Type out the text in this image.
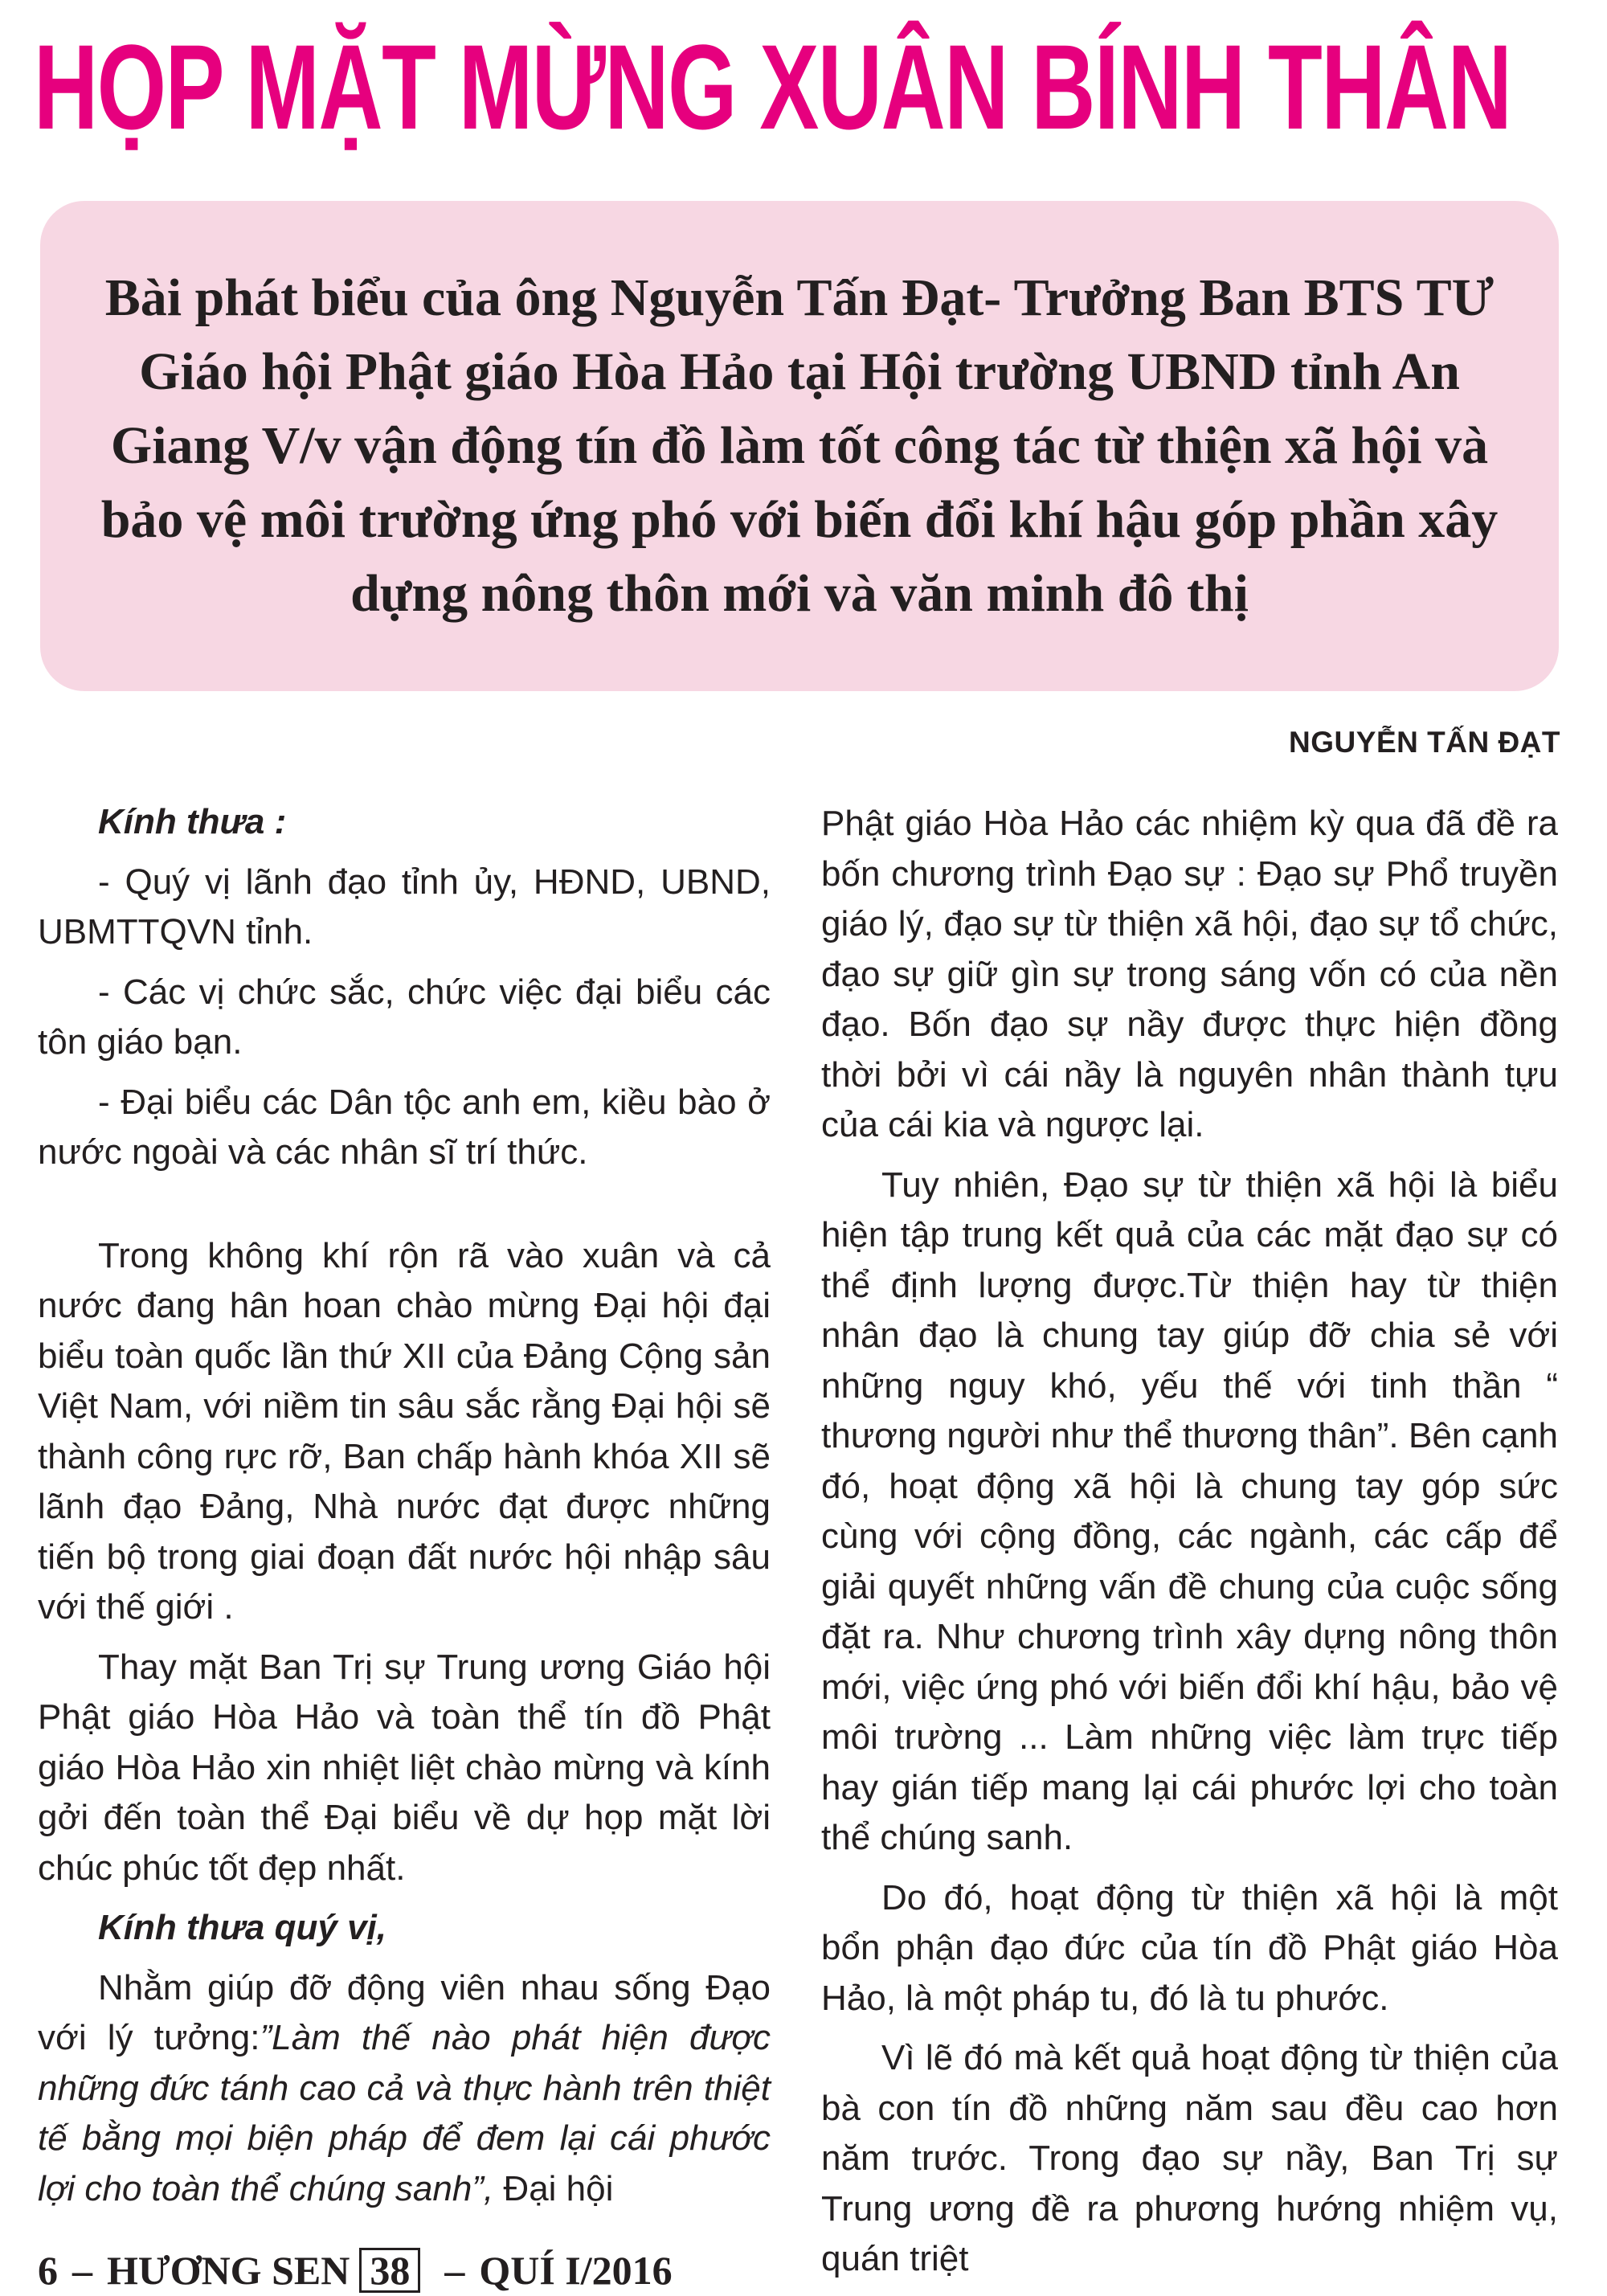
HỌP MẶT MỪNG XUÂN BÍNH THÂN

Bài phát biểu của ông Nguyễn Tấn Đạt- Trưởng Ban BTS TƯ Giáo hội Phật giáo Hòa Hảo tại Hội trường UBND tỉnh An Giang V/v vận động tín đồ làm tốt công tác từ thiện xã hội và bảo vệ môi trường ứng phó với biến đổi khí hậu góp phần xây dựng nông thôn mới và văn minh đô thị

NGUYỄN TẤN ĐẠT

Kính thưa :

- Quý vị lãnh đạo tỉnh ủy, HĐND, UBND, UBMTTQVN tỉnh.

- Các vị chức sắc, chức việc đại biểu các tôn giáo bạn.

- Đại biểu các Dân tộc anh em, kiều bào ở nước ngoài và các nhân sĩ trí thức.

Trong không khí rộn rã vào xuân và cả nước đang hân hoan chào mừng Đại hội đại biểu toàn quốc lần thứ XII của Đảng Cộng sản Việt Nam, với niềm tin sâu sắc rằng Đại hội sẽ thành công rực rỡ, Ban chấp hành khóa XII sẽ lãnh đạo Đảng, Nhà nước đạt được những tiến bộ trong giai đoạn đất nước hội nhập sâu với thế giới .

Thay mặt Ban Trị sự Trung ương Giáo hội Phật giáo Hòa Hảo và toàn thể tín đồ Phật giáo Hòa Hảo xin nhiệt liệt chào mừng và kính gởi đến toàn thể Đại biểu về dự họp mặt lời chúc phúc tốt đẹp nhất.

Kính thưa quý vị,

Nhằm giúp đỡ động viên nhau sống Đạo với lý tưởng:”Làm thế nào phát hiện được những đức tánh cao cả và thực hành trên thiệt tế bằng mọi biện pháp để đem lại cái phước lợi cho toàn thể chúng sanh”, Đại hội

Phật giáo Hòa Hảo các nhiệm kỳ qua đã đề ra bốn chương trình Đạo sự : Đạo sự Phổ truyền giáo lý, đạo sự từ thiện xã hội, đạo sự tổ chức, đạo sự giữ gìn sự trong sáng vốn có của nền đạo. Bốn đạo sự nầy được thực hiện đồng thời bởi vì cái nầy là nguyên nhân thành tựu của cái kia và ngược lại.

Tuy nhiên, Đạo sự từ thiện xã hội là biểu hiện tập trung kết quả của các mặt đạo sự có thể định lượng được.Từ thiện hay từ thiện nhân đạo là chung tay giúp đỡ chia sẻ với những nguy khó, yếu thế với tinh thần “ thương người như thể thương thân”. Bên cạnh đó, hoạt động xã hội là chung tay góp sức cùng với cộng đồng, các ngành, các cấp để giải quyết những vấn đề chung của cuộc sống đặt ra. Như chương trình xây dựng nông thôn mới, việc ứng phó với biến đổi khí hậu, bảo vệ môi trường ... Làm những việc làm trực tiếp hay gián tiếp mang lại cái phước lợi cho toàn thể chúng sanh.

Do đó, hoạt động từ thiện xã hội là một bổn phận đạo đức của tín đồ Phật giáo Hòa Hảo, là một pháp tu, đó là tu phước.

Vì lẽ đó mà kết quả hoạt động từ thiện của bà con tín đồ những năm sau đều cao hơn năm trước. Trong đạo sự nầy, Ban Trị sự Trung ương đề ra phương hướng nhiệm vụ, quán triệt

6 – HƯƠNG SEN 38 – QUÍ I/2016
